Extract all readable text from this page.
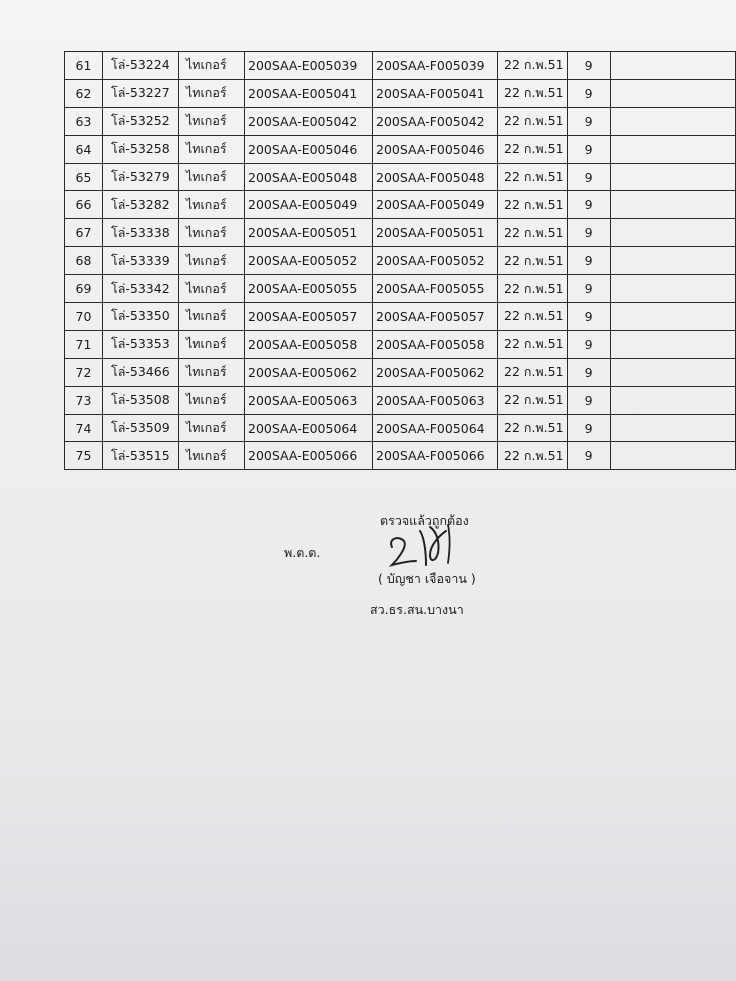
61	โล่-53224	ไทเกอร์	200SAA-E005039	200SAA-F005039	22 ก.พ.51	9	
62	โล่-53227	ไทเกอร์	200SAA-E005041	200SAA-F005041	22 ก.พ.51	9	
63	โล่-53252	ไทเกอร์	200SAA-E005042	200SAA-F005042	22 ก.พ.51	9	
64	โล่-53258	ไทเกอร์	200SAA-E005046	200SAA-F005046	22 ก.พ.51	9	
65	โล่-53279	ไทเกอร์	200SAA-E005048	200SAA-F005048	22 ก.พ.51	9	
66	โล่-53282	ไทเกอร์	200SAA-E005049	200SAA-F005049	22 ก.พ.51	9	
67	โล่-53338	ไทเกอร์	200SAA-E005051	200SAA-F005051	22 ก.พ.51	9	
68	โล่-53339	ไทเกอร์	200SAA-E005052	200SAA-F005052	22 ก.พ.51	9	
69	โล่-53342	ไทเกอร์	200SAA-E005055	200SAA-F005055	22 ก.พ.51	9	
70	โล่-53350	ไทเกอร์	200SAA-E005057	200SAA-F005057	22 ก.พ.51	9	
71	โล่-53353	ไทเกอร์	200SAA-E005058	200SAA-F005058	22 ก.พ.51	9	
72	โล่-53466	ไทเกอร์	200SAA-E005062	200SAA-F005062	22 ก.พ.51	9	
73	โล่-53508	ไทเกอร์	200SAA-E005063	200SAA-F005063	22 ก.พ.51	9	
74	โล่-53509	ไทเกอร์	200SAA-E005064	200SAA-F005064	22 ก.พ.51	9	
75	โล่-53515	ไทเกอร์	200SAA-E005066	200SAA-F005066	22 ก.พ.51	9	
ตรวจแล้วถูกต้อง
พ.ต.ต.
( บัญชา เจือจาน )
สว.ธร.สน.บางนา
